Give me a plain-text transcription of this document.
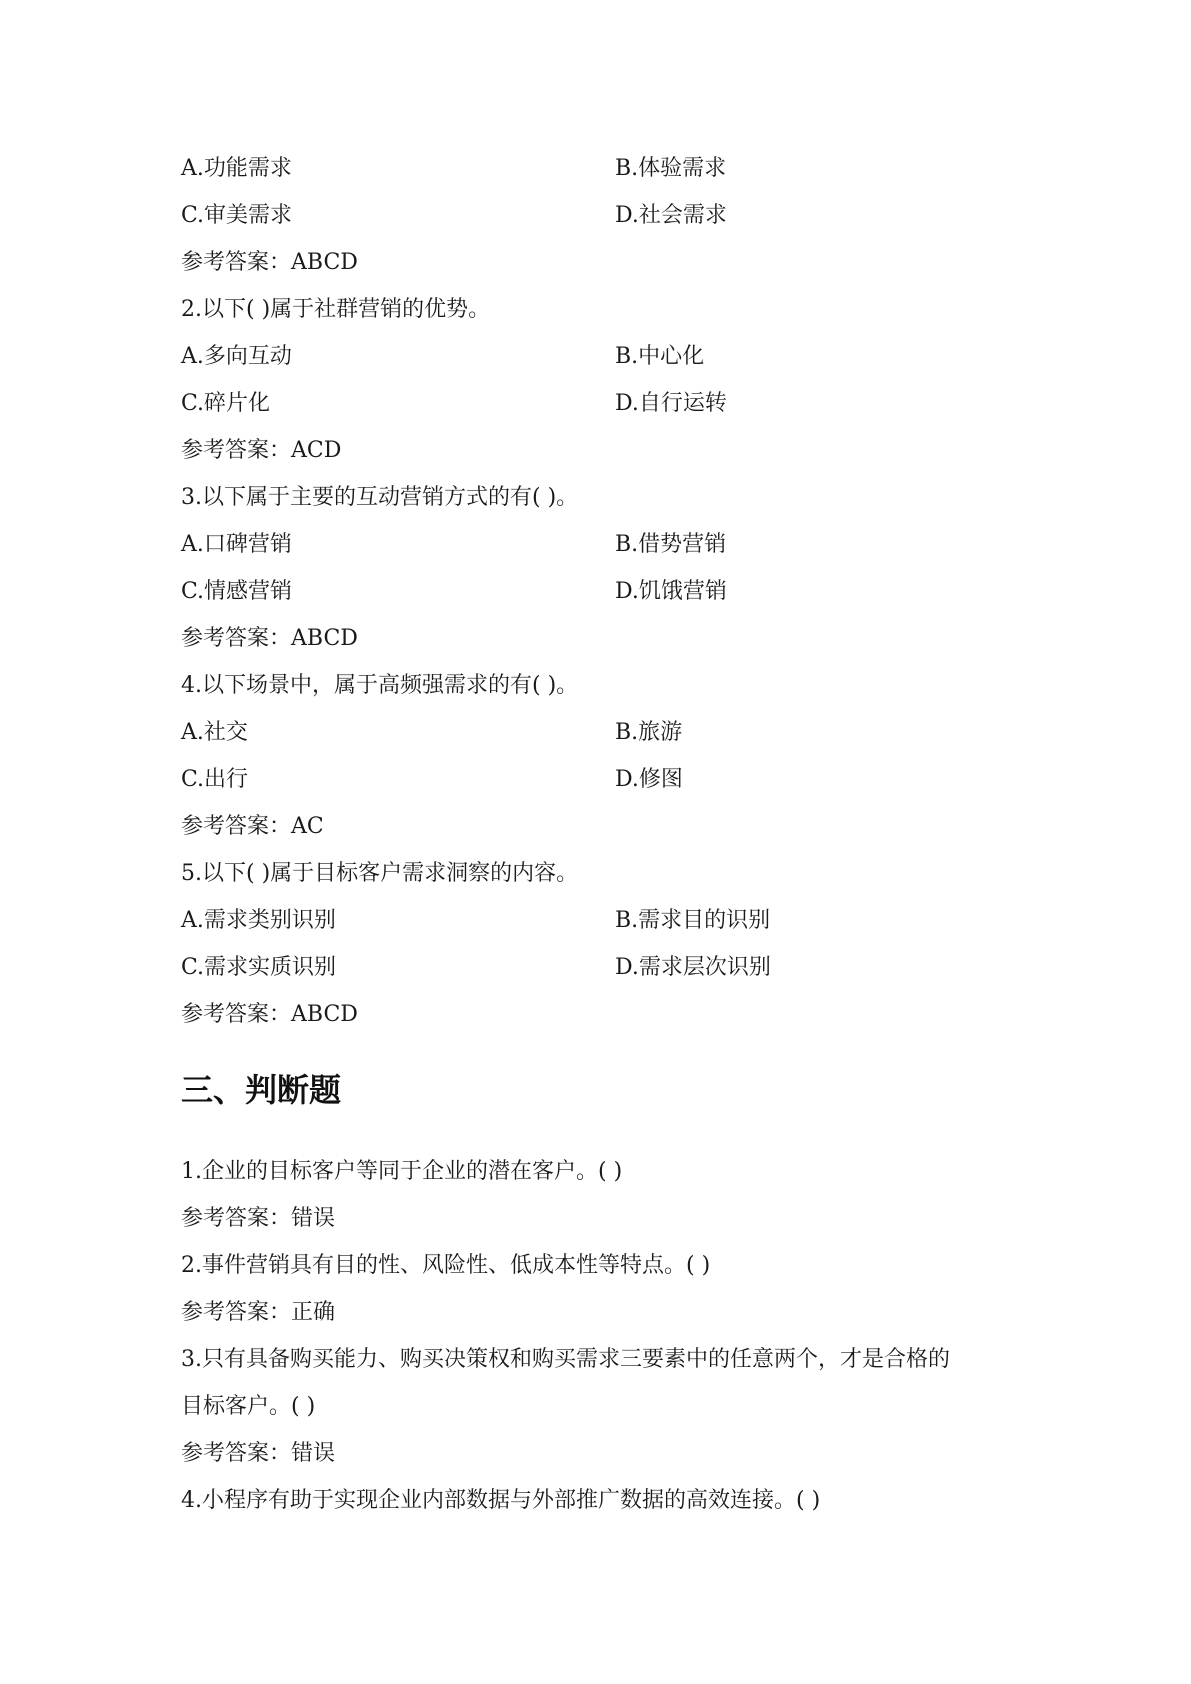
A.功能需求	B.体验需求
C.审美需求	D.社会需求
参考答案：ABCD
2.以下( )属于社群营销的优势。
A.多向互动	B.中心化
C.碎片化	D.自行运转
参考答案：ACD
3.以下属于主要的互动营销方式的有( )。
A.口碑营销	B.借势营销
C.情感营销	D.饥饿营销
参考答案：ABCD
4.以下场景中，属于高频强需求的有( )。
A.社交	B.旅游
C.出行	D.修图
参考答案：AC
5.以下( )属于目标客户需求洞察的内容。
A.需求类别识别	B.需求目的识别
C.需求实质识别	D.需求层次识别
参考答案：ABCD
三、判断题
1.企业的目标客户等同于企业的潜在客户。( )
参考答案：错误
2.事件营销具有目的性、风险性、低成本性等特点。( )
参考答案：正确
3.只有具备购买能力、购买决策权和购买需求三要素中的任意两个，才是合格的
目标客户。( )
参考答案：错误
4.小程序有助于实现企业内部数据与外部推广数据的高效连接。( )
